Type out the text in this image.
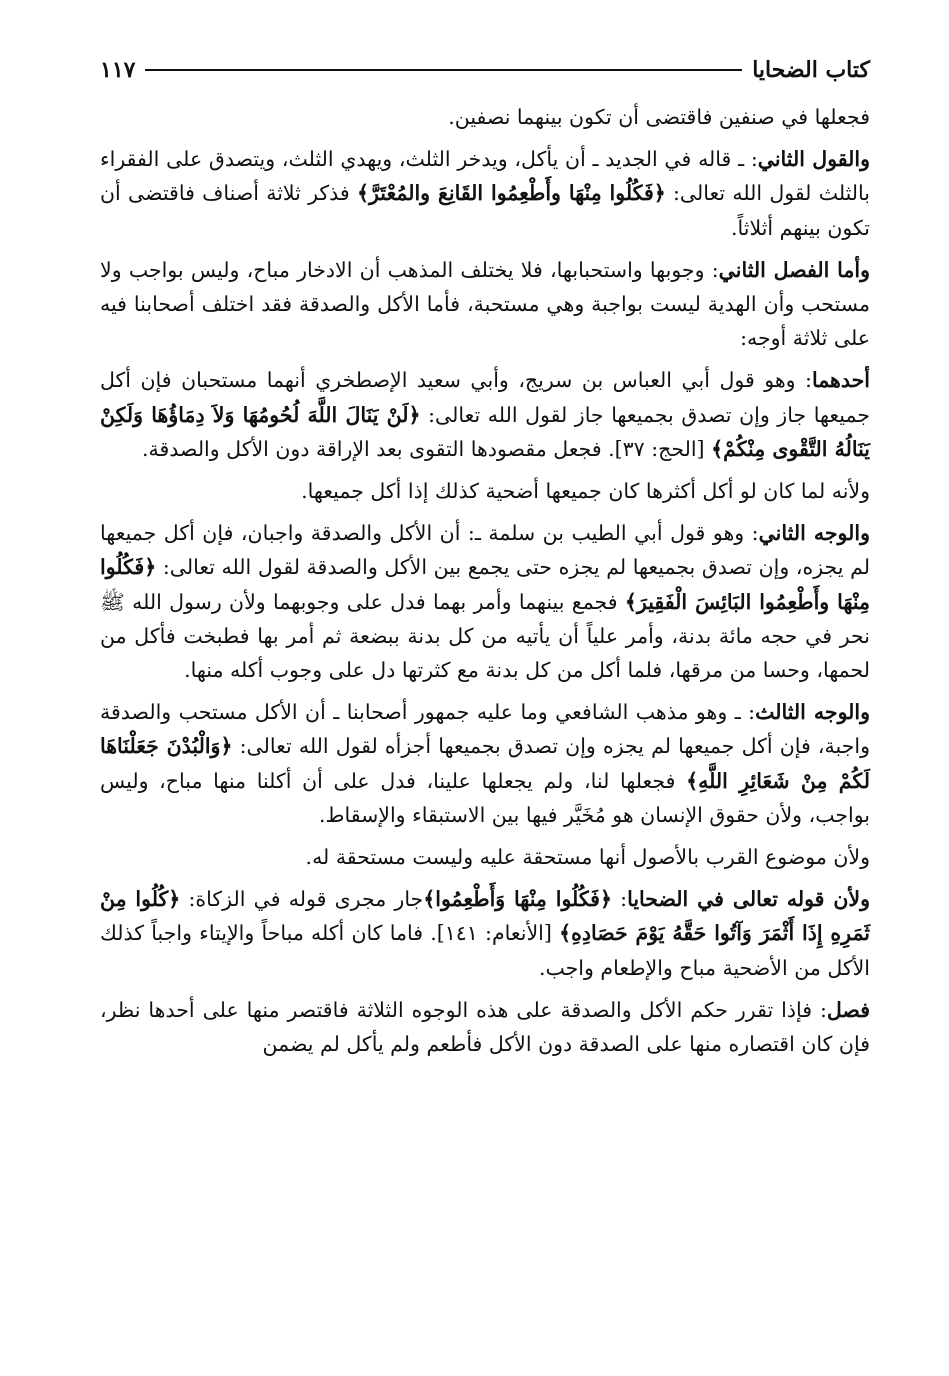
كتاب الضحايا
١١٧

فجعلها في صنفين فاقتضى أن تكون بينهما نصفين.

والقول الثاني: ـ قاله في الجديد ـ أن يأكل، ويدخر الثلث، ويهدي الثلث، ويتصدق على الفقراء بالثلث لقول الله تعالى: ﴿فَكُلُوا مِنْهَا وأَطْعِمُوا القَانِعَ والمُعْتَرَّ﴾ فذكر ثلاثة أصناف فاقتضى أن تكون بينهم أثلاثاً.

وأما الفصل الثاني: وجوبها واستحبابها، فلا يختلف المذهب أن الادخار مباح، وليس بواجب ولا مستحب وأن الهدية ليست بواجبة وهي مستحبة، فأما الأكل والصدقة فقد اختلف أصحابنا فيه على ثلاثة أوجه:

أحدهما: وهو قول أبي العباس بن سريج، وأبي سعيد الإصطخري أنهما مستحبان فإن أكل جميعها جاز وإن تصدق بجميعها جاز لقول الله تعالى: ﴿لَنْ يَنَالَ اللَّهَ لُحُومُهَا وَلاَ دِمَاؤُهَا وَلَكِنْ يَنَالُهُ التَّقْوى مِنْكُمْ﴾ [الحج: ٣٧]. فجعل مقصودها التقوى بعد الإراقة دون الأكل والصدقة.

ولأنه لما كان لو أكل أكثرها كان جميعها أضحية كذلك إذا أكل جميعها.

والوجه الثاني: وهو قول أبي الطيب بن سلمة ـ: أن الأكل والصدقة واجبان، فإن أكل جميعها لم يجزه، وإن تصدق بجميعها لم يجزه حتى يجمع بين الأكل والصدقة لقول الله تعالى: ﴿فَكُلُوا مِنْهَا وأَطْعِمُوا البَائِسَ الْفَقِيرَ﴾ فجمع بينهما وأمر بهما فدل على وجوبهما ولأن رسول الله ﷺ نحر في حجه مائة بدنة، وأمر علياً أن يأتيه من كل بدنة ببضعة ثم أمر بها فطبخت فأكل من لحمها، وحسا من مرقها، فلما أكل من كل بدنة مع كثرتها دل على وجوب أكله منها.

والوجه الثالث: ـ وهو مذهب الشافعي وما عليه جمهور أصحابنا ـ أن الأكل مستحب والصدقة واجبة، فإن أكل جميعها لم يجزه وإن تصدق بجميعها أجزأه لقول الله تعالى: ﴿وَالْبُدْنَ جَعَلْنَاهَا لَكُمْ مِنْ شَعَائِرِ اللَّهِ﴾ فجعلها لنا، ولم يجعلها علينا، فدل على أن أكلنا منها مباح، وليس بواجب، ولأن حقوق الإنسان هو مُخَيَّر فيها بين الاستبقاء والإسقاط.

ولأن موضوع القرب بالأصول أنها مستحقة عليه وليست مستحقة له.

ولأن قوله تعالى في الضحايا: ﴿فَكُلُوا مِنْهَا وَأَطْعِمُوا﴾جار مجرى قوله في الزكاة: ﴿كُلُوا مِنْ ثَمَرِهِ إِذَا أَثْمَرَ وَآتُوا حَقَّهُ يَوْمَ حَصَادِهِ﴾ [الأنعام: ١٤١]. فاما كان أكله مباحاً والإيتاء واجباً كذلك الأكل من الأضحية مباح والإطعام واجب.

فصل: فإذا تقرر حكم الأكل والصدقة على هذه الوجوه الثلاثة فاقتصر منها على أحدها نظر، فإن كان اقتصاره منها على الصدقة دون الأكل فأطعم ولم يأكل لم يضمن
